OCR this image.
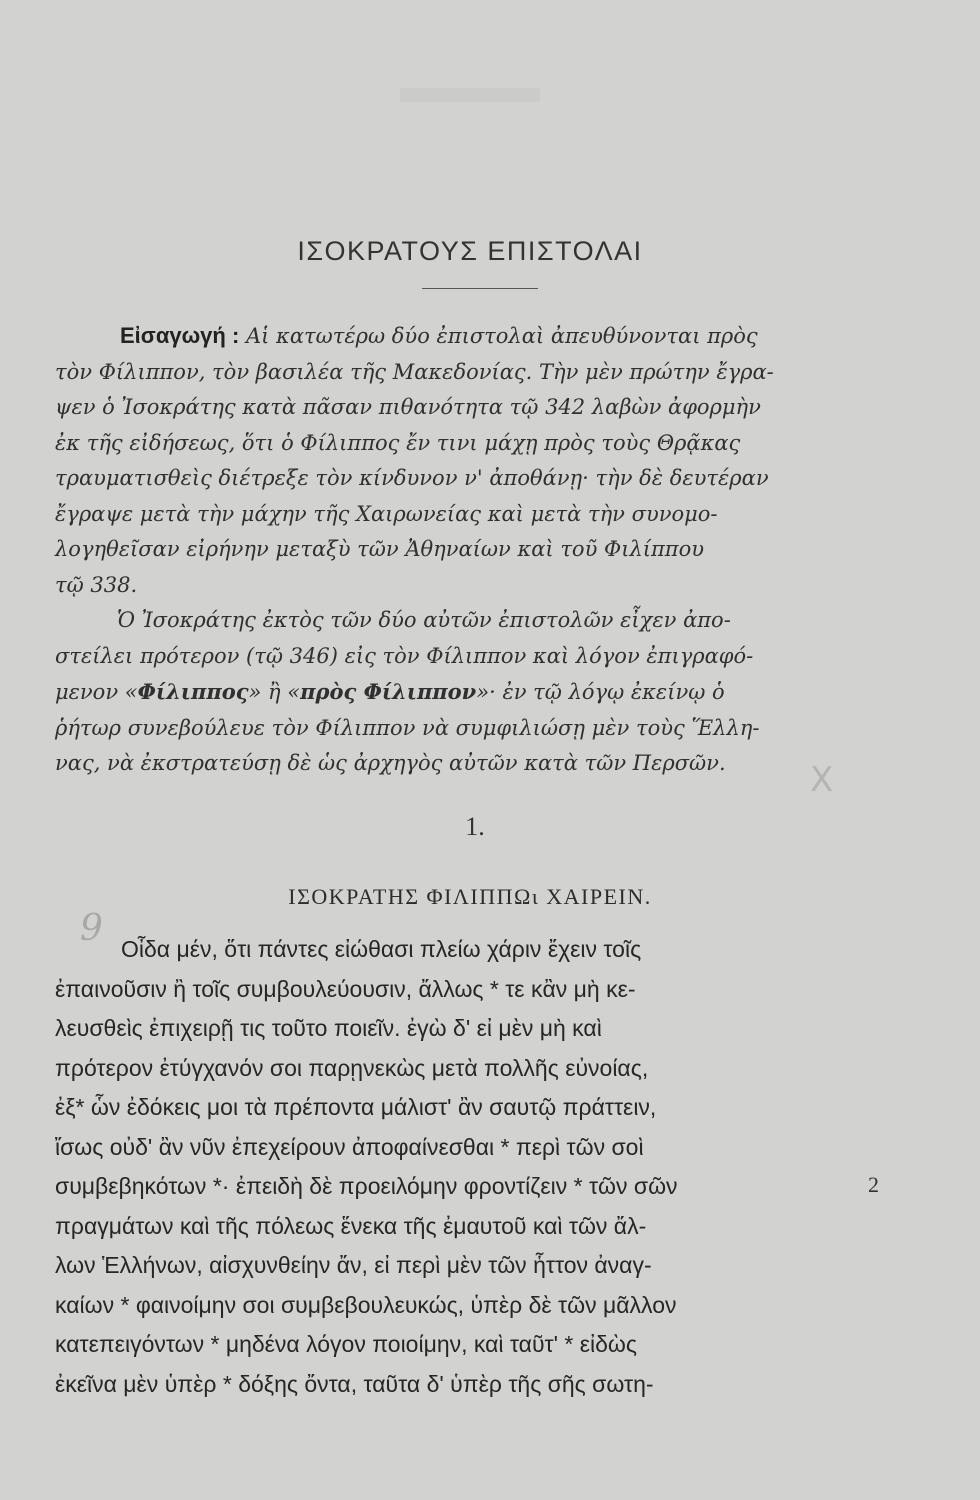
ΙΣΟΚΡΑΤΟΥΣ ΕΠΙΣΤΟΛΑΙ
Εἰσαγωγή : Αἱ κατωτέρω δύο ἐπιστολαὶ ἀπευθύνονται πρὸς
τὸν Φίλιππον, τὸν βασιλέα τῆς Μακεδονίας. Τὴν μὲν πρώτην ἔγρα-
ψεν ὁ Ἰσοκράτης κατὰ πᾶσαν πιθανότητα τῷ 342 λαβὼν ἀφορμὴν
ἐκ τῆς εἰδήσεως, ὅτι ὁ Φίλιππος ἔν τινι μάχῃ πρὸς τοὺς Θρᾷκας
τραυματισθεὶς διέτρεξε τὸν κίνδυνον ν' ἀποθάνῃ· τὴν δὲ δευτέραν
ἔγραψε μετὰ τὴν μάχην τῆς Χαιρωνείας καὶ μετὰ τὴν συνομο-
λογηθεῖσαν εἰρήνην μεταξὺ τῶν Ἀθηναίων καὶ τοῦ Φιλίππου
τῷ 338.
Ὁ Ἰσοκράτης ἐκτὸς τῶν δύο αὐτῶν ἐπιστολῶν εἶχεν ἀπο-
στείλει πρότερον (τῷ 346) εἰς τὸν Φίλιππον καὶ λόγον ἐπιγραφό-
μενον «Φίλιππος» ἢ «πρὸς Φίλιππον»· ἐν τῷ λόγῳ ἐκείνῳ ὁ
ῥήτωρ συνεβούλευε τὸν Φίλιππον νὰ συμφιλιώσῃ μὲν τοὺς Ἕλλη-
νας, νὰ ἐκστρατεύσῃ δὲ ὡς ἀρχηγὸς αὐτῶν κατὰ τῶν Περσῶν.	X
1.
ΙΣΟΚΡΑΤΗΣ ΦΙΛΙΠΠΩι ΧΑΙΡΕΙΝ.
9 Οἶδα μέν, ὅτι πάντες εἰώθασι πλείω χάριν ἔχειν τοῖς
ἐπαινοῦσιν ἢ τοῖς συμβουλεύουσιν, ἄλλως * τε κἂν μὴ κε-
λευσθεὶς ἐπιχειρῇ τις τοῦτο ποιεῖν. ἐγὼ δ' εἰ μὲν μὴ καὶ
πρότερον ἐτύγχανόν σοι παρῃνεκὼς μετὰ πολλῆς εὐνοίας,
ἐξ* ὧν ἐδόκεις μοι τὰ πρέποντα μάλιστ' ἂν σαυτῷ πράττειν,
ἴσως οὐδ' ἂν νῦν ἐπεχείρουν ἀποφαίνεσθαι * περὶ τῶν σοὶ
συμβεβηκότων *· ἐπειδὴ δὲ προειλόμην φροντίζειν * τῶν σῶν
πραγμάτων καὶ τῆς πόλεως ἕνεκα τῆς ἐμαυτοῦ καὶ τῶν ἄλ-
λων Ἑλλήνων, αἰσχυνθείην ἄν, εἰ περὶ μὲν τῶν ἧττον ἀναγ-
καίων * φαινοίμην σοι συμβεβουλευκώς, ὑπὲρ δὲ τῶν μᾶλλον
κατεπειγόντων * μηδένα λόγον ποιοίμην, καὶ ταῦτ' * εἰδὼς
ἐκεῖνα μὲν ὑπὲρ * δόξης ὄντα, ταῦτα δ' ὑπὲρ τῆς σῆς σωτη-
2
